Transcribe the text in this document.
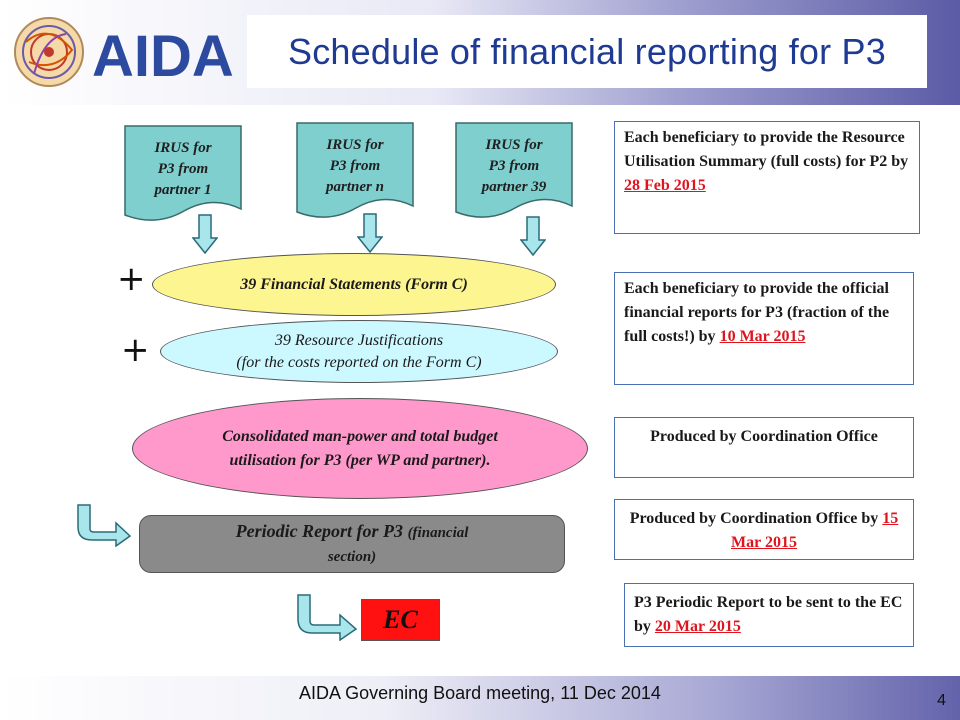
AIDA Schedule of financial reporting for P3
IRUS for
P3 from
partner 1
IRUS for
P3 from
partner n
IRUS for
P3 from
partner 39
+
+
39 Financial Statements (Form C)
39 Resource Justifications
(for the costs reported on the Form C)
Consolidated man-power and total budget
utilisation for P3 (per WP and partner).
Periodic Report for P3 (financial
section)
EC
Each beneficiary to provide the Resource Utilisation Summary (full costs) for P2 by 28 Feb 2015
Each beneficiary to provide the official financial reports for P3 (fraction of the full costs!) by 10 Mar 2015
Produced by Coordination Office
Produced by Coordination Office by 15 Mar 2015
P3 Periodic Report to be sent to the EC by 20 Mar 2015
AIDA Governing Board meeting, 11 Dec 2014	4
